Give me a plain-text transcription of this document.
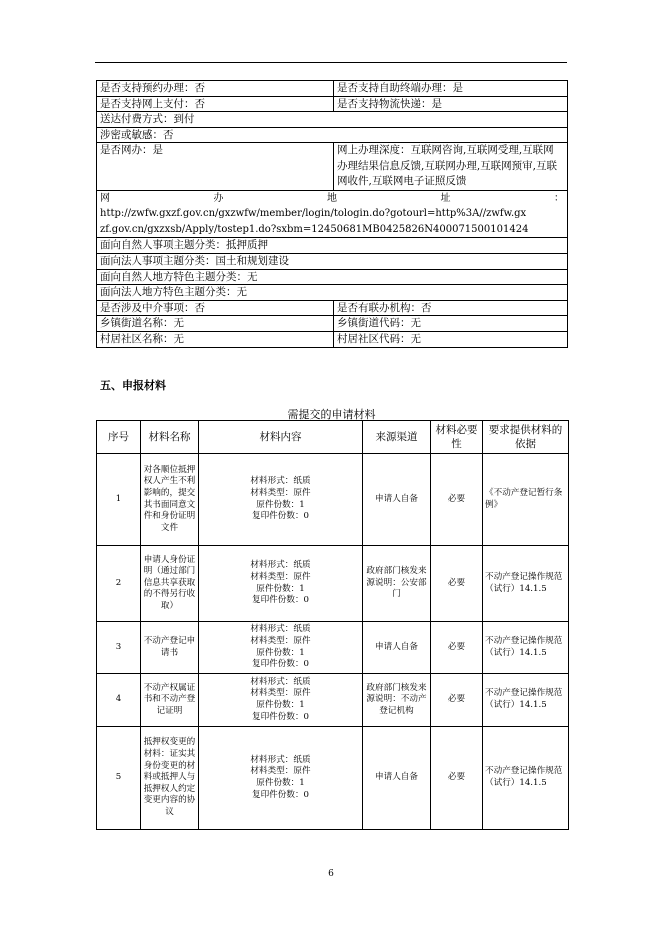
是否支持预约办理：否	是否支持自助终端办理：是
是否支持网上支付：否	是否支持物流快递：是
送达付费方式：到付	
涉密或敏感：否	
是否网办：是	网上办理深度：互联网咨询,互联网受理,互联网办理结果信息反馈,互联网办理,互联网预审,互联网收件,互联网电子证照反馈

网办地址：
http://zwfw.gxzf.gov.cn/gxzwfw/member/login/tologin.do?gotourl=http%3A//zwfw.gx
zf.gov.cn/gxzxsb/Apply/tostep1.do?sxbm=12450681MB0425826N400071500101424	

面向自然人事项主题分类：抵押质押	
面向法人事项主题分类：国土和规划建设	
面向自然人地方特色主题分类：无	
面向法人地方特色主题分类：无	
是否涉及中介事项：否	是否有联办机构：否
乡镇街道名称：无	乡镇街道代码：无
村居社区名称：无	村居社区代码：无
五、申报材料
需提交的申请材料
序号	材料名称	材料内容	来源渠道	材料必要性	要求提供材料的依据
1	对各顺位抵押权人产生不利影响的，提交其书面同意文件和身份证明文件	材料形式：纸质
材料类型：原件
原件份数：1
复印件份数：0	申请人自备	必要	《不动产登记暂行条例》
2	申请人身份证明（通过部门信息共享获取的不得另行收取）	材料形式：纸质
材料类型：原件
原件份数：1
复印件份数：0	政府部门核发来源说明：公安部门	必要	不动产登记操作规范（试行）14.1.5
3	不动产登记申请书	材料形式：纸质
材料类型：原件
原件份数：1
复印件份数：0	申请人自备	必要	不动产登记操作规范（试行）14.1.5
4	不动产权属证书和不动产登记证明	材料形式：纸质
材料类型：原件
原件份数：1
复印件份数：0	政府部门核发来源说明：不动产登记机构	必要	不动产登记操作规范（试行）14.1.5
5	抵押权变更的材料：证实其身份变更的材料或抵押人与抵押权人约定变更内容的协议	材料形式：纸质
材料类型：原件
原件份数：1
复印件份数：0	申请人自备	必要	不动产登记操作规范（试行）14.1.5
6
